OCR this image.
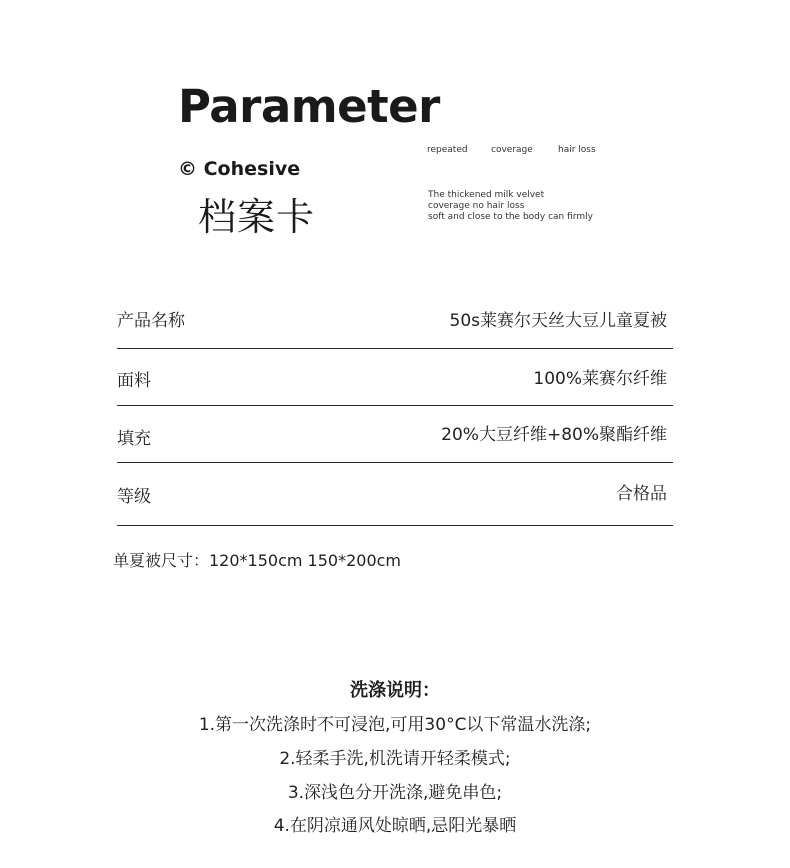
Parameter
© Cohesive
档案卡
repeated	coverage	hair loss
The thickened milk velvet
coverage no hair loss
soft and close to the body can firmly
产品名称	50s莱赛尔天丝大豆儿童夏被
面料	100%莱赛尔纤维
填充	20%大豆纤维+80%聚酯纤维
等级	合格品
单夏被尺寸：120*150cm 150*200cm
洗涤说明：
1.第一次洗涤时不可浸泡,可用30°C以下常温水洗涤;
2.轻柔手洗,机洗请开轻柔模式;
3.深浅色分开洗涤,避免串色;
4.在阴凉通风处晾晒,忌阳光暴晒
